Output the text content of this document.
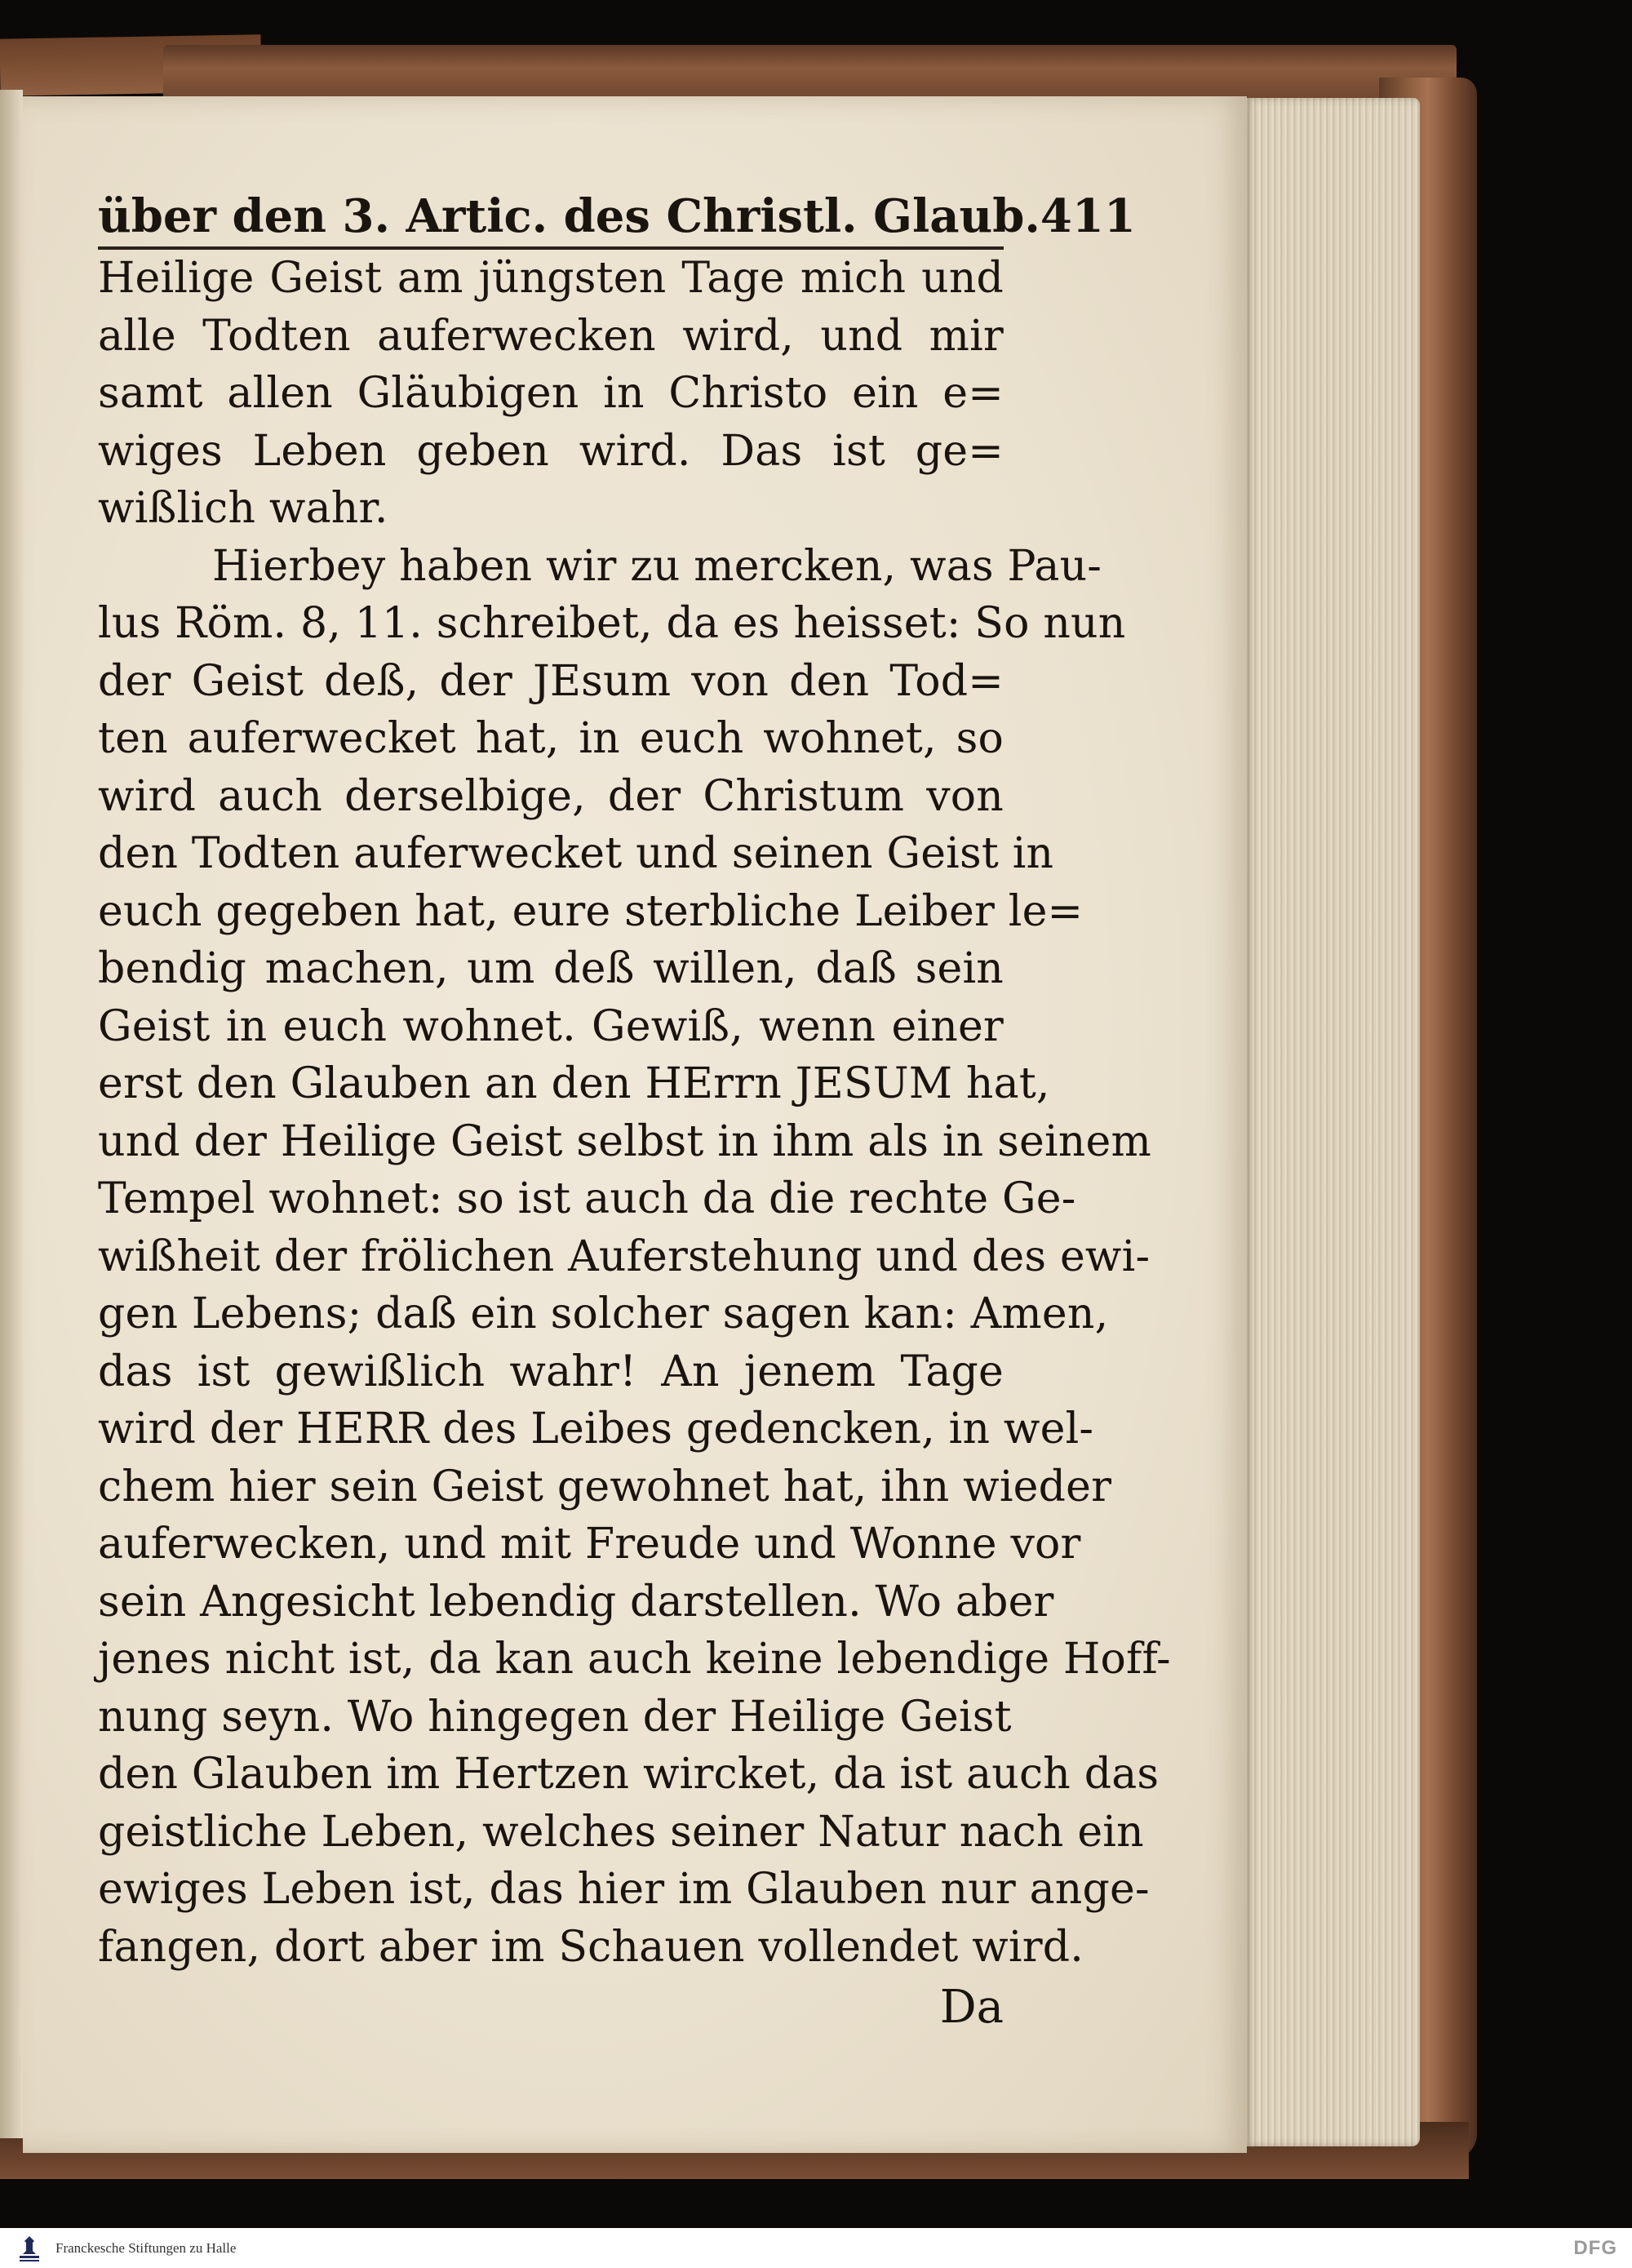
über den 3. Artic. des Christl. Glaub. 411
Heilige Geist am jüngsten Tage mich und
alle Todten auferwecken wird, und mir
samt allen Gläubigen in Christo ein e=
wiges Leben geben wird. Das ist ge=
wißlich wahr.
Hierbey haben wir zu mercken, was Pau-
lus Röm. 8, 11. schreibet, da es heisset: So nun
der Geist deß, der JEsum von den Tod=
ten auferwecket hat, in euch wohnet, so
wird auch derselbige, der Christum von
den Todten auferwecket und seinen Geist in
euch gegeben hat, eure sterbliche Leiber le=
bendig machen, um deß willen, daß sein
Geist in euch wohnet. Gewiß, wenn einer
erst den Glauben an den HErrn JESUM hat,
und der Heilige Geist selbst in ihm als in seinem
Tempel wohnet: so ist auch da die rechte Ge-
wißheit der frölichen Auferstehung und des ewi-
gen Lebens; daß ein solcher sagen kan: Amen,
das ist gewißlich wahr! An jenem Tage
wird der HERR des Leibes gedencken, in wel-
chem hier sein Geist gewohnet hat, ihn wieder
auferwecken, und mit Freude und Wonne vor
sein Angesicht lebendig darstellen. Wo aber
jenes nicht ist, da kan auch keine lebendige Hoff-
nung seyn. Wo hingegen der Heilige Geist
den Glauben im Hertzen wircket, da ist auch das
geistliche Leben, welches seiner Natur nach ein
ewiges Leben ist, das hier im Glauben nur ange-
fangen, dort aber im Schauen vollendet wird.
Da
Franckesche Stiftungen zu Halle	DFG
